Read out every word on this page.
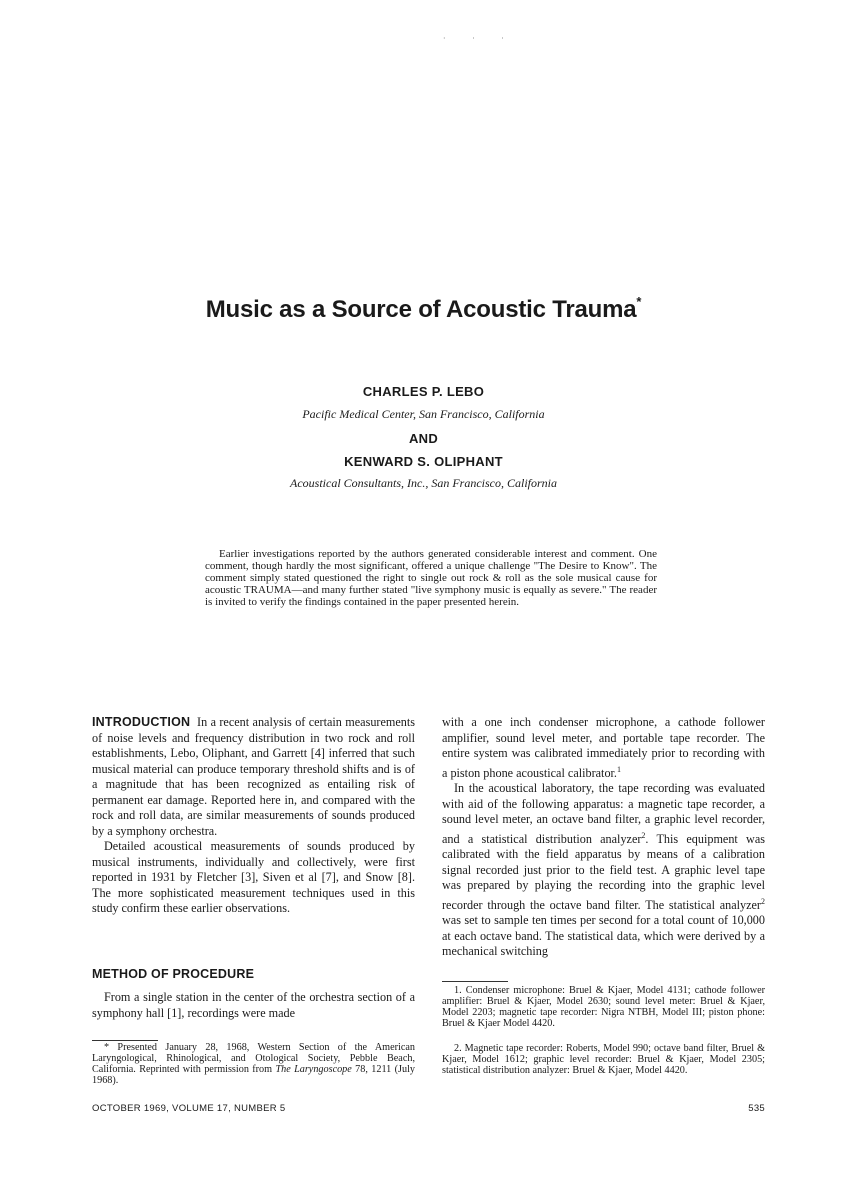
· · ·
Music as a Source of Acoustic Trauma*
CHARLES P. LEBO
Pacific Medical Center, San Francisco, California
AND
KENWARD S. OLIPHANT
Acoustical Consultants, Inc., San Francisco, California

Earlier investigations reported by the authors generated considerable interest and comment. One comment, though hardly the most significant, offered a unique challenge "The Desire to Know". The comment simply stated questioned the right to single out rock & roll as the sole musical cause for acoustic TRAUMA—and many further stated "live symphony music is equally as severe." The reader is invited to verify the findings contained in the paper presented herein.

INTRODUCTION In a recent analysis of certain measurements of noise levels and frequency distribution in two rock and roll establishments, Lebo, Oliphant, and Garrett [4] inferred that such musical material can produce temporary threshold shifts and is of a magnitude that has been recognized as entailing risk of permanent ear damage. Reported here in, and compared with the rock and roll data, are similar measurements of sounds produced by a symphony orchestra.

Detailed acoustical measurements of sounds produced by musical instruments, individually and collectively, were first reported in 1931 by Fletcher [3], Siven et al [7], and Snow [8]. The more sophisticated measurement techniques used in this study confirm these earlier observations.

METHOD OF PROCEDURE

From a single station in the center of the orchestra section of a symphony hall [1], recordings were made

* Presented January 28, 1968, Western Section of the American Laryngological, Rhinological, and Otological Society, Pebble Beach, California. Reprinted with permission from The Laryngoscope 78, 1211 (July 1968).

with a one inch condenser microphone, a cathode follower amplifier, sound level meter, and portable tape recorder. The entire system was calibrated immediately prior to recording with a piston phone acoustical calibrator.$^1$

In the acoustical laboratory, the tape recording was evaluated with aid of the following apparatus: a magnetic tape recorder, a sound level meter, an octave band filter, a graphic level recorder, and a statistical distribution analyzer$^2$. This equipment was calibrated with the field apparatus by means of a calibration signal recorded just prior to the field test. A graphic level tape was prepared by playing the recording into the graphic level recorder through the octave band filter. The statistical analyzer$^2$ was set to sample ten times per second for a total count of 10,000 at each octave band. The statistical data, which were derived by a mechanical switching

1. Condenser microphone: Bruel & Kjaer, Model 4131; cathode follower amplifier: Bruel & Kjaer, Model 2630; sound level meter: Bruel & Kjaer, Model 2203; magnetic tape recorder: Nigra NTBH, Model III; piston phone: Bruel & Kjaer Model 4420.

2. Magnetic tape recorder: Roberts, Model 990; octave band filter, Bruel & Kjaer, Model 1612; graphic level recorder: Bruel & Kjaer, Model 2305; statistical distribution analyzer: Bruel & Kjaer, Model 4420.

OCTOBER 1969, VOLUME 17, NUMBER 5	535
